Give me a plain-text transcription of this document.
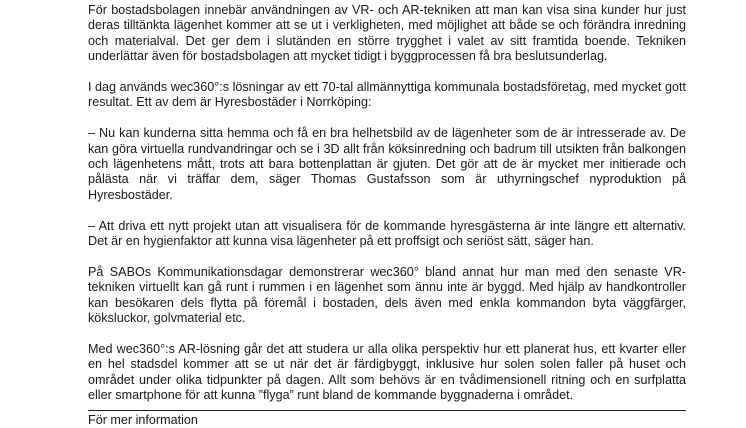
För bostadsbolagen innebär användningen av VR- och AR-tekniken att man kan visa sina kunder hur just deras tilltänkta lägenhet kommer att se ut i verkligheten, med möjlighet att både se och förändra inredning och materialval. Det ger dem i slutänden en större trygghet i valet av sitt framtida boende. Tekniken underlättar även för bostadsbolagen att mycket tidigt i byggprocessen få bra beslutsunderlag.

I dag används wec360°:s lösningar av ett 70-tal allmännyttiga kommunala bostadsföretag, med mycket gott resultat. Ett av dem är Hyresbostäder i Norrköping:

– Nu kan kunderna sitta hemma och få en bra helhetsbild av de lägenheter som de är intresserade av. De kan göra virtuella rundvandringar och se i 3D allt från köksinredning och badrum till utsikten från balkongen och lägenhetens mått, trots att bara bottenplattan är gjuten. Det gör att de är mycket mer initierade och pålästa när vi träffar dem, säger Thomas Gustafsson som är uthyrningschef nyproduktion på Hyresbostäder.

– Att driva ett nytt projekt utan att visualisera för de kommande hyresgästerna är inte längre ett alternativ. Det är en hygienfaktor att kunna visa lägenheter på ett proffsigt och seriöst sätt, säger han.

På SABOs Kommunikationsdagar demonstrerar wec360° bland annat hur man med den senaste VR-tekniken virtuellt kan gå runt i rummen i en lägenhet som ännu inte är byggd. Med hjälp av handkontroller kan besökaren dels flytta på föremål i bostaden, dels även med enkla kommandon byta väggfärger, köksluckor, golvmaterial etc.

Med wec360°:s AR-lösning går det att studera ur alla olika perspektiv hur ett planerat hus, ett kvarter eller en hel stadsdel kommer att se ut när det är färdigbyggt, inklusive hur solen solen faller på huset och området under olika tidpunkter på dagen. Allt som behövs är en tvådimensionell ritning och en surfplatta eller smartphone för att kunna ”flyga” runt bland de kommande byggnaderna i området.

För mer information
